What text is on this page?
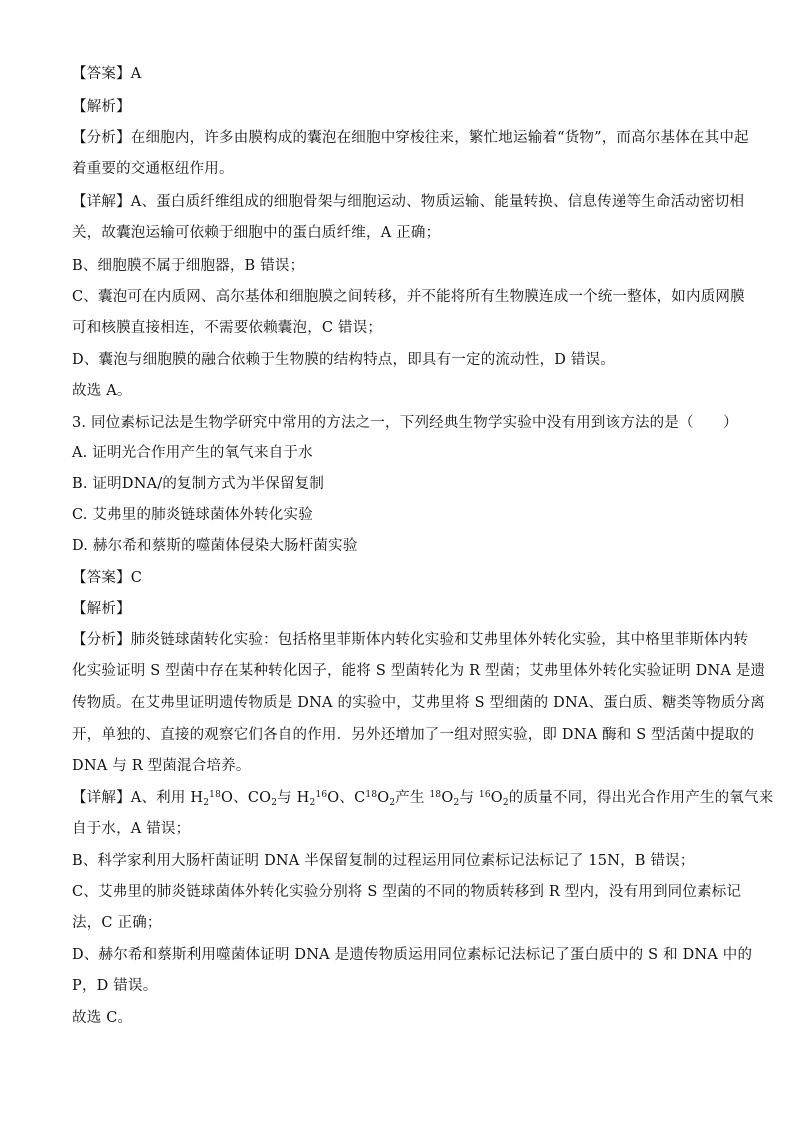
【答案】A
【解析】
【分析】在细胞内，许多由膜构成的囊泡在细胞中穿梭往来，繁忙地运输着“货物”，而高尔基体在其中起
着重要的交通枢纽作用。
【详解】A、蛋白质纤维组成的细胞骨架与细胞运动、物质运输、能量转换、信息传递等生命活动密切相
关，故囊泡运输可依赖于细胞中的蛋白质纤维，A 正确；
B、细胞膜不属于细胞器，B 错误；
C、囊泡可在内质网、高尔基体和细胞膜之间转移，并不能将所有生物膜连成一个统一整体，如内质网膜
可和核膜直接相连，不需要依赖囊泡，C 错误；
D、囊泡与细胞膜的融合依赖于生物膜的结构特点，即具有一定的流动性，D 错误。
故选 A。
3. 同位素标记法是生物学研究中常用的方法之一，下列经典生物学实验中没有用到该方法的是（　　）
A. 证明光合作用产生的氧气来自于水
B. 证明DNA/的复制方式为半保留复制
C. 艾弗里的肺炎链球菌体外转化实验
D. 赫尔希和蔡斯的噬菌体侵染大肠杆菌实验
【答案】C
【解析】
【分析】肺炎链球菌转化实验：包括格里菲斯体内转化实验和艾弗里体外转化实验，其中格里菲斯体内转
化实验证明 S 型菌中存在某种转化因子，能将 S 型菌转化为 R 型菌；艾弗里体外转化实验证明 DNA 是遗
传物质。在艾弗里证明遗传物质是 DNA 的实验中，艾弗里将 S 型细菌的 DNA、蛋白质、糖类等物质分离
开，单独的、直接的观察它们各自的作用．另外还增加了一组对照实验，即 DNA 酶和 S 型活菌中提取的
DNA 与 R 型菌混合培养。
【详解】A、利用 $H_2^{18}O$、$CO_2$与 $H_2^{16}O$、$C^{18}O_2$产生 $^{18}O_2$与 $^{16}O_2$的质量不同，得出光合作用产生的氧气来
自于水，A 错误；
B、科学家利用大肠杆菌证明 DNA 半保留复制的过程运用同位素标记法标记了 15N，B 错误；
C、艾弗里的肺炎链球菌体外转化实验分别将 S 型菌的不同的物质转移到 R 型内，没有用到同位素标记
法，C 正确；
D、赫尔希和蔡斯利用噬菌体证明 DNA 是遗传物质运用同位素标记法标记了蛋白质中的 S 和 DNA 中的
P，D 错误。
故选 C。
